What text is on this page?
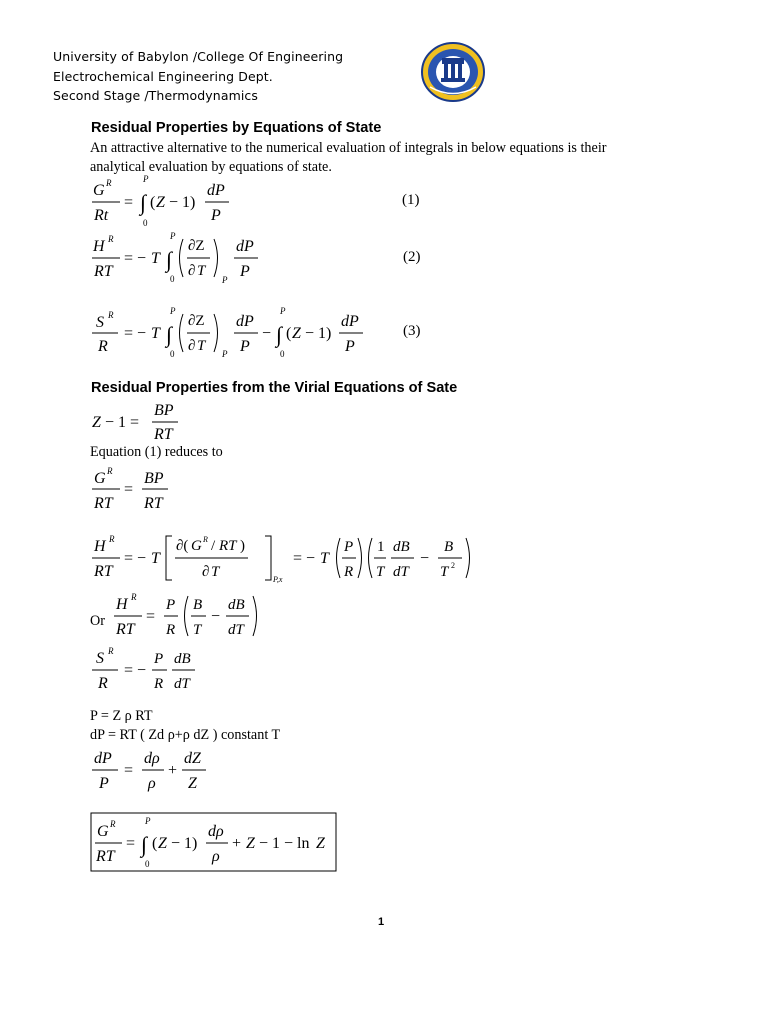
University of Babylon /College Of Engineering
Electrochemical Engineering Dept.
Second Stage /Thermodynamics
Residual Properties by Equations of State
An attractive alternative to the numerical evaluation of integrals in below equations is their
analytical evaluation by equations of state.
G R
Rt
=
P
∫
0
( Z − 1)
dP
P
(1)
H R
RT
= − T
P
∫
0
∂Z
∂ T
P
dP
P
(2)
S R
R
= − T
P
∫
0
∂Z
∂ T P
dP
P
−
P
∫
0
( Z − 1)
dP
P
(3)
Residual Properties from the Virial Equations of Sate
Z − 1 =
BP
RT
Equation (1) reduces to
G R
RT
=
BP
RT
H R
RT
= − T
∂( G R / RT )
∂ T	P,x
= − T
P
R
1
T
dB
dT
−
B
T 2
Or
H R
RT
=
P
R
B
T
−
dB
dT
S R
R
= −
P
R
dB
dT
P = Z ρ RT
dP = RT ( Zd ρ+ρ dZ ) constant T
dP
P
=
dρ
ρ
+
dZ
Z
G R
RT
=
P
∫
0
( Z − 1)
dρ
ρ
+ Z − 1 − ln Z
1
